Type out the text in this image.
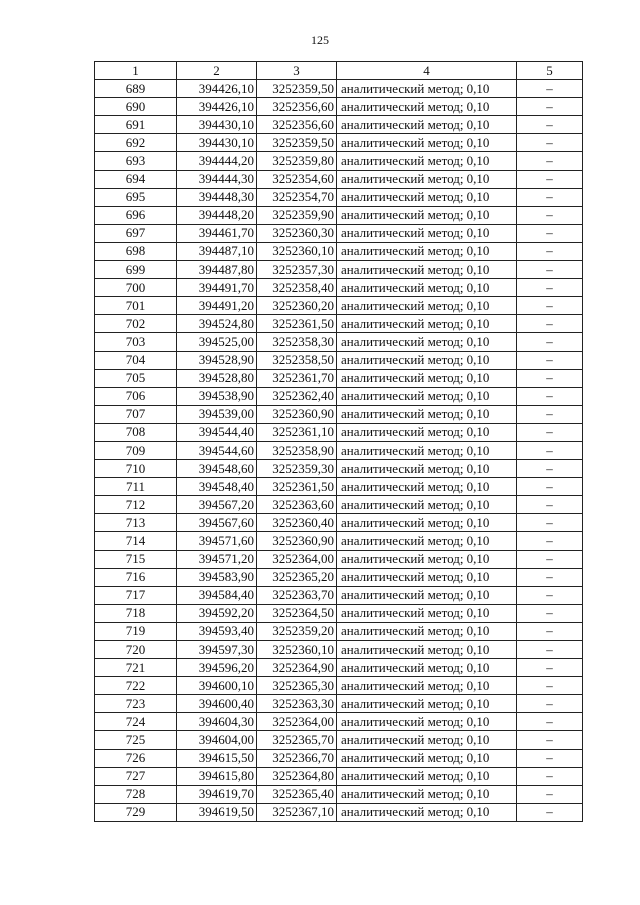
125
1	2	3	4	5
689	394426,10	3252359,50	аналитический метод; 0,10	–
690	394426,10	3252356,60	аналитический метод; 0,10	–
691	394430,10	3252356,60	аналитический метод; 0,10	–
692	394430,10	3252359,50	аналитический метод; 0,10	–
693	394444,20	3252359,80	аналитический метод; 0,10	–
694	394444,30	3252354,60	аналитический метод; 0,10	–
695	394448,30	3252354,70	аналитический метод; 0,10	–
696	394448,20	3252359,90	аналитический метод; 0,10	–
697	394461,70	3252360,30	аналитический метод; 0,10	–
698	394487,10	3252360,10	аналитический метод; 0,10	–
699	394487,80	3252357,30	аналитический метод; 0,10	–
700	394491,70	3252358,40	аналитический метод; 0,10	–
701	394491,20	3252360,20	аналитический метод; 0,10	–
702	394524,80	3252361,50	аналитический метод; 0,10	–
703	394525,00	3252358,30	аналитический метод; 0,10	–
704	394528,90	3252358,50	аналитический метод; 0,10	–
705	394528,80	3252361,70	аналитический метод; 0,10	–
706	394538,90	3252362,40	аналитический метод; 0,10	–
707	394539,00	3252360,90	аналитический метод; 0,10	–
708	394544,40	3252361,10	аналитический метод; 0,10	–
709	394544,60	3252358,90	аналитический метод; 0,10	–
710	394548,60	3252359,30	аналитический метод; 0,10	–
711	394548,40	3252361,50	аналитический метод; 0,10	–
712	394567,20	3252363,60	аналитический метод; 0,10	–
713	394567,60	3252360,40	аналитический метод; 0,10	–
714	394571,60	3252360,90	аналитический метод; 0,10	–
715	394571,20	3252364,00	аналитический метод; 0,10	–
716	394583,90	3252365,20	аналитический метод; 0,10	–
717	394584,40	3252363,70	аналитический метод; 0,10	–
718	394592,20	3252364,50	аналитический метод; 0,10	–
719	394593,40	3252359,20	аналитический метод; 0,10	–
720	394597,30	3252360,10	аналитический метод; 0,10	–
721	394596,20	3252364,90	аналитический метод; 0,10	–
722	394600,10	3252365,30	аналитический метод; 0,10	–
723	394600,40	3252363,30	аналитический метод; 0,10	–
724	394604,30	3252364,00	аналитический метод; 0,10	–
725	394604,00	3252365,70	аналитический метод; 0,10	–
726	394615,50	3252366,70	аналитический метод; 0,10	–
727	394615,80	3252364,80	аналитический метод; 0,10	–
728	394619,70	3252365,40	аналитический метод; 0,10	–
729	394619,50	3252367,10	аналитический метод; 0,10	–
